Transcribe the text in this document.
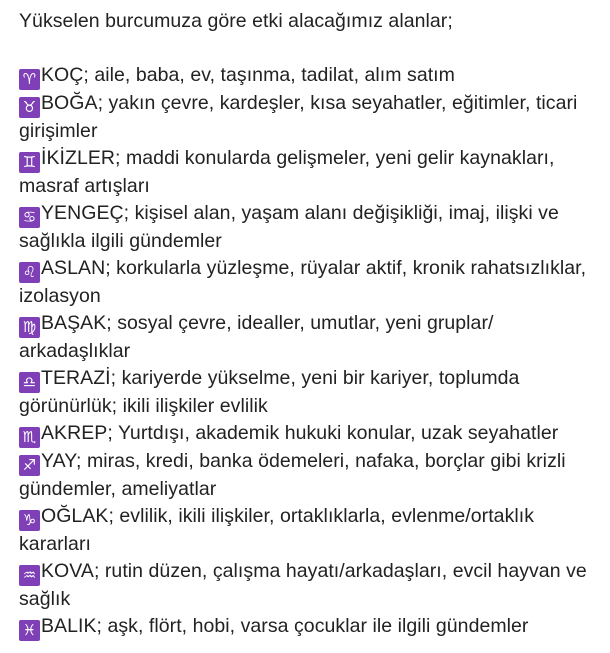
Yükselen burcumuza göre etki alacağımız alanlar;
♈ KOÇ; aile, baba, ev, taşınma, tadilat, alım satım
♉ BOĞA; yakın çevre, kardeşler, kısa seyahatler, eğitimler, ticari girişimler
♊ İKİZLER; maddi konularda gelişmeler, yeni gelir kaynakları, masraf artışları
♋ YENGEÇ; kişisel alan, yaşam alanı değişikliği, imaj, ilişki ve sağlıkla ilgili gündemler
♌ ASLAN; korkularla yüzleşme, rüyalar aktif, kronik rahatsızlıklar, izolasyon
♍ BAŞAK; sosyal çevre, idealler, umutlar, yeni gruplar/ arkadaşlıklar
♎ TERAZİ; kariyerde yükselme, yeni bir kariyer, toplumda görünürlük; ikili ilişkiler evlilik
♏ AKREP; Yurtdışı, akademik hukuki konular, uzak seyahatler
♐ YAY; miras, kredi, banka ödemeleri, nafaka, borçlar gibi krizli gündemler, ameliyatlar
♑ OĞLAK; evlilik, ikili ilişkiler, ortaklıklarla, evlenme/ortaklık kararları
♒ KOVA; rutin düzen, çalışma hayatı/arkadaşları, evcil hayvan ve sağlık
♓ BALIK; aşk, flört, hobi, varsa çocuklar ile ilgili gündemler
